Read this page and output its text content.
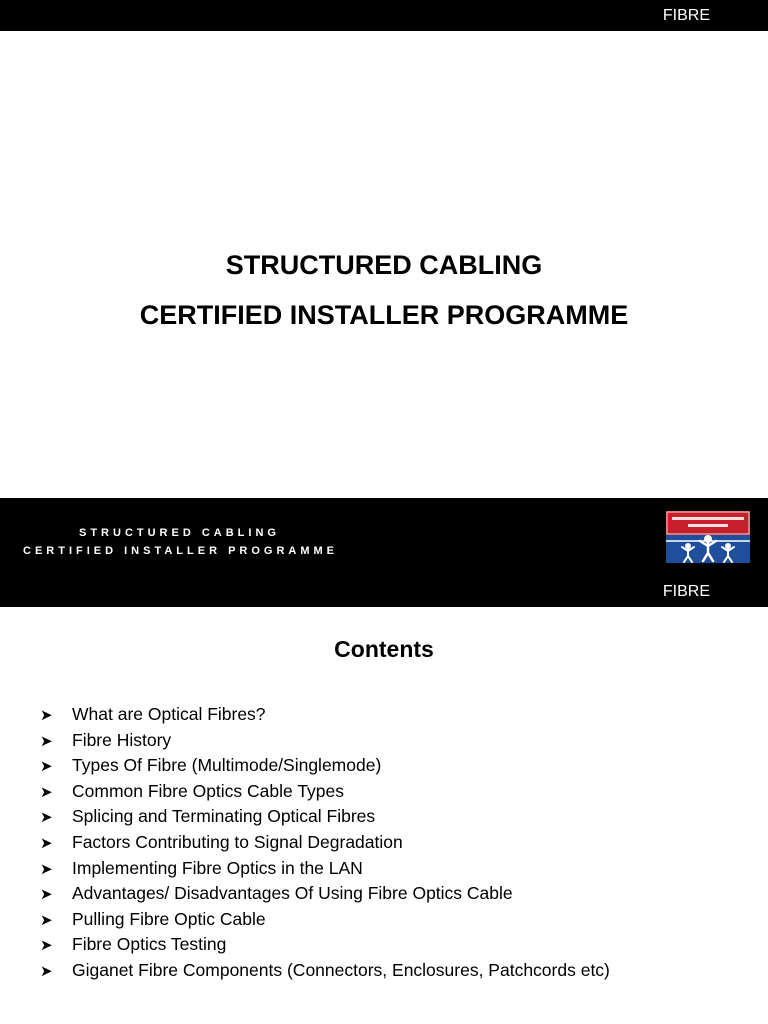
FIBRE
STRUCTURED CABLING
CERTIFIED INSTALLER PROGRAMME
STRUCTURED CABLING
CERTIFIED INSTALLER PROGRAMME
FIBRE
Contents
➤ What are Optical Fibres?
➤ Fibre History
➤ Types Of Fibre (Multimode/Singlemode)
➤ Common Fibre Optics Cable Types
➤ Splicing and Terminating Optical Fibres
➤ Factors Contributing to Signal Degradation
➤ Implementing Fibre Optics in the LAN
➤ Advantages/ Disadvantages Of Using Fibre Optics Cable
➤ Pulling Fibre Optic Cable
➤ Fibre Optics Testing
➤ Giganet Fibre Components (Connectors, Enclosures, Patchcords etc)
